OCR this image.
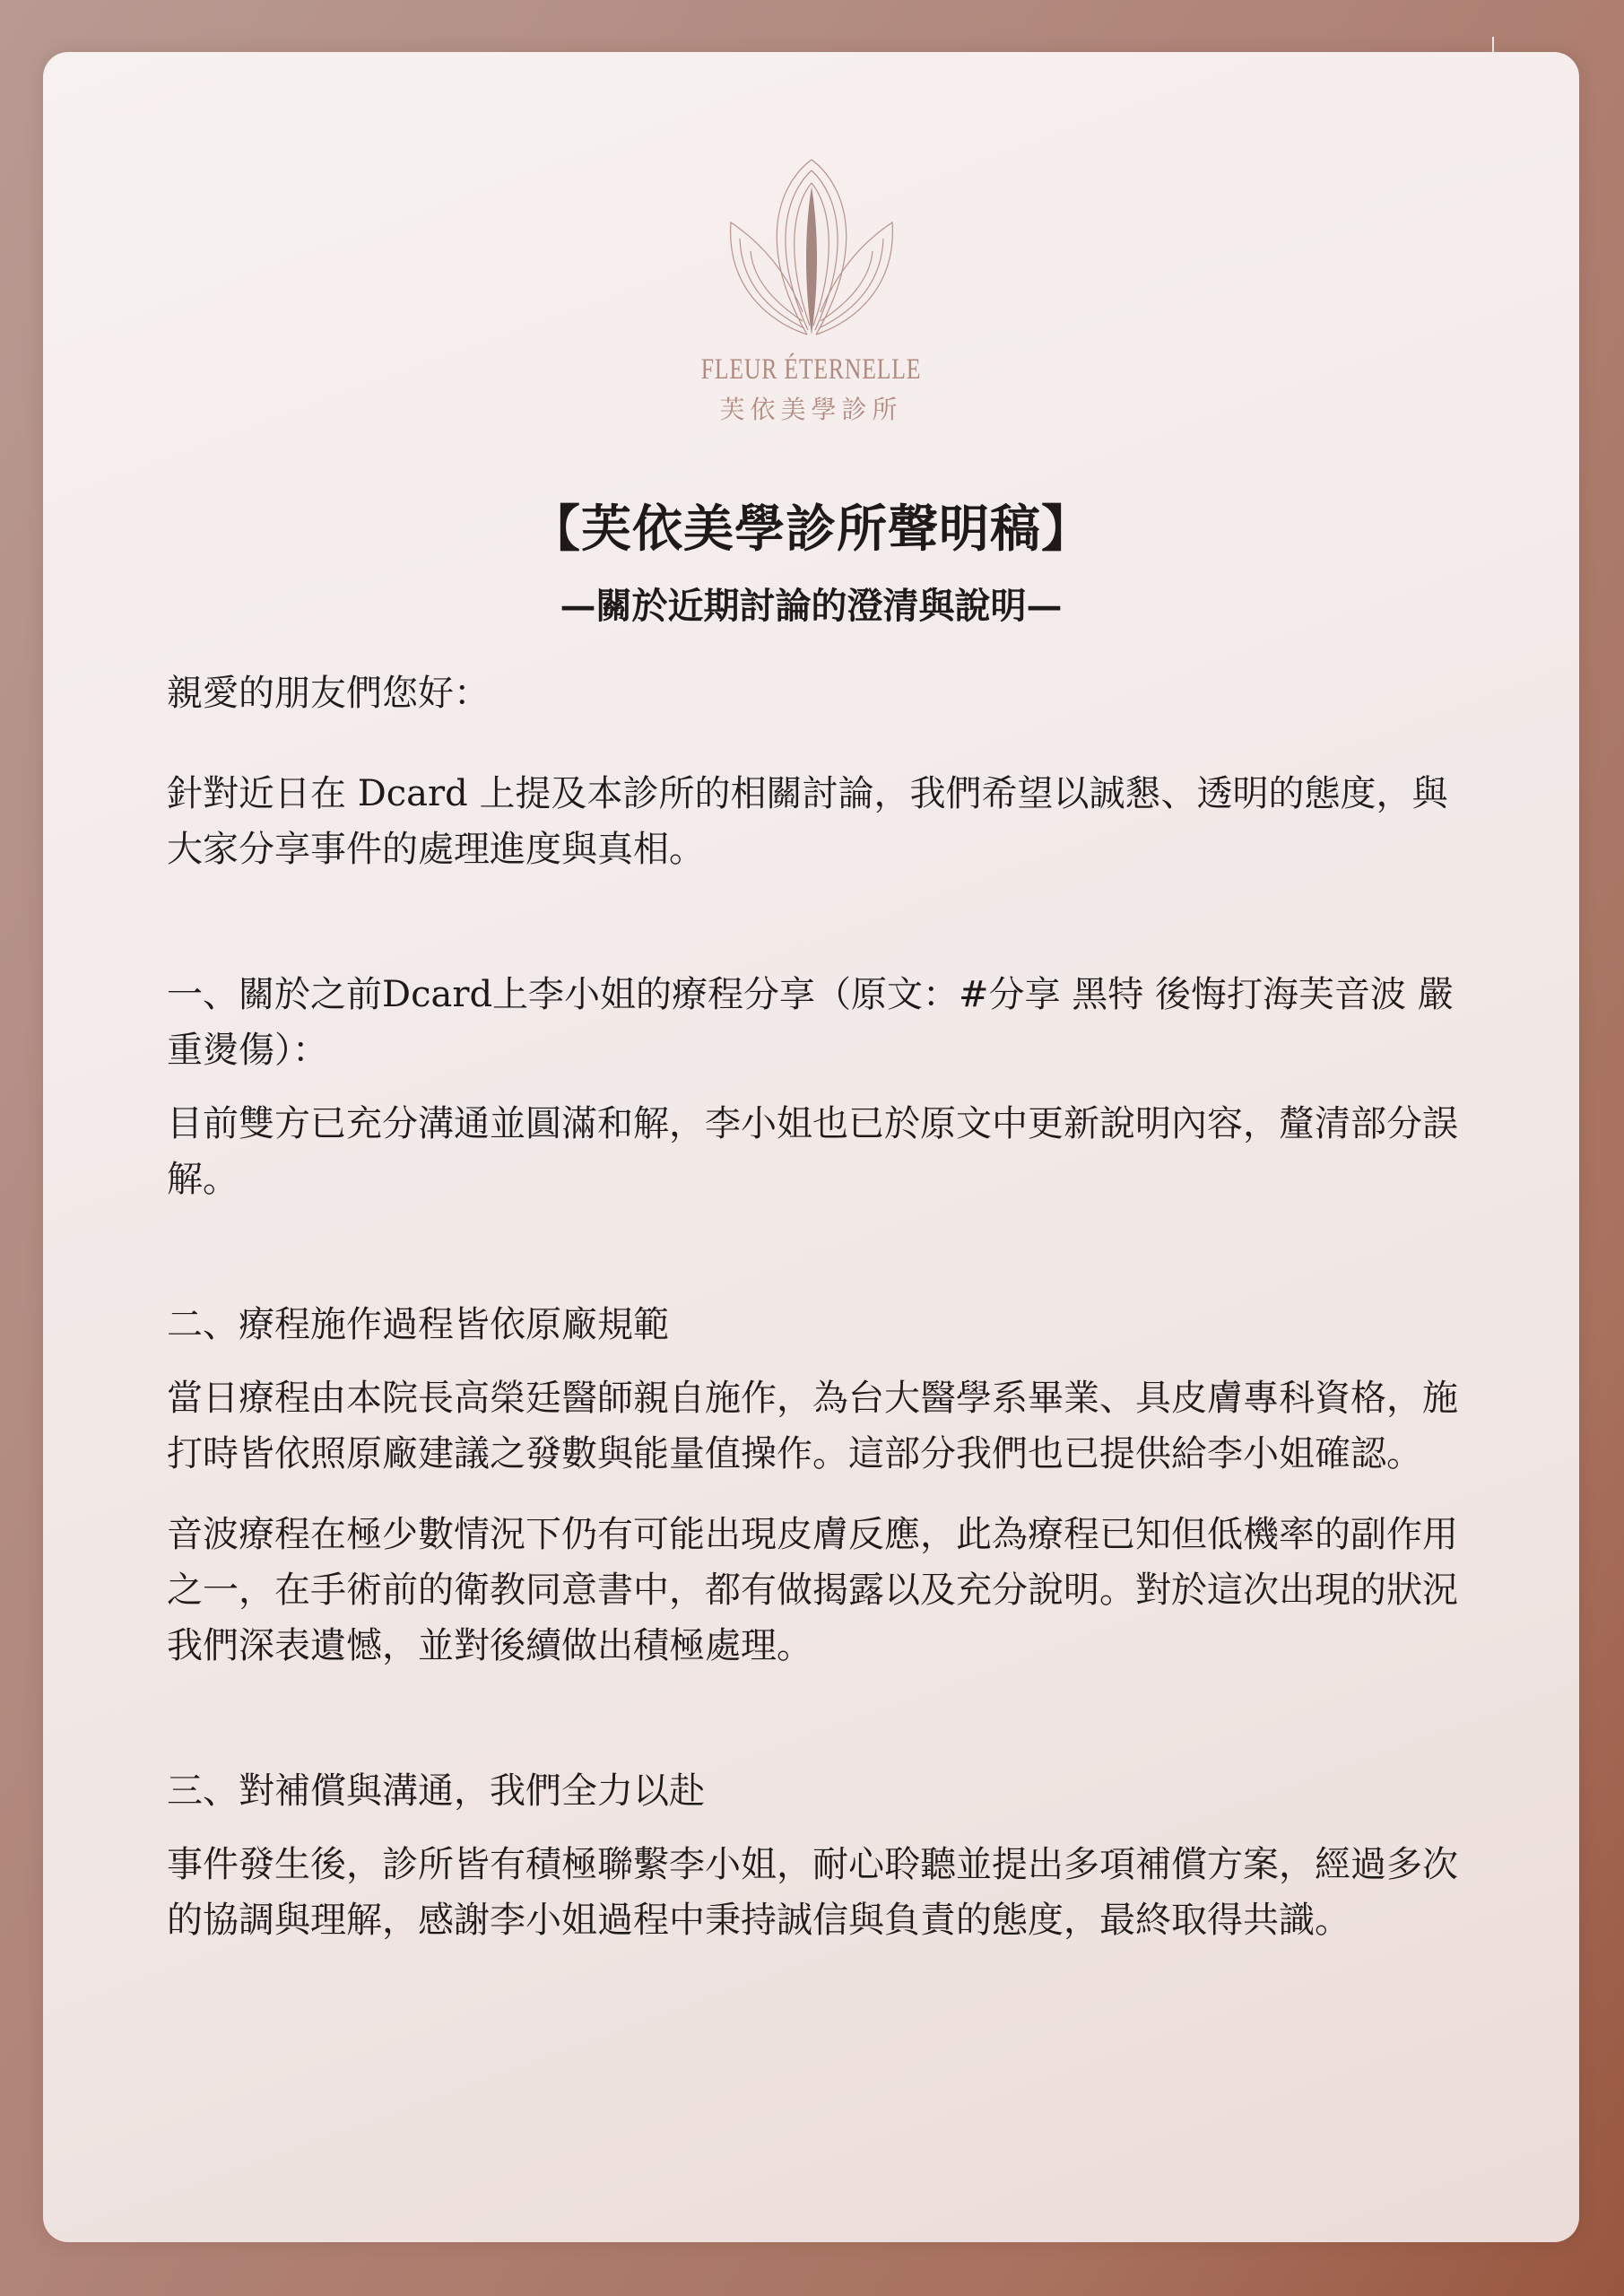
FLEUR ÉTERNELLE
芙依美學診所
【芙依美學診所聲明稿】
—關於近期討論的澄清與說明—

親愛的朋友們您好：

針對近日在 Dcard 上提及本診所的相關討論，我們希望以誠懇、透明的態度，與大家分享事件的處理進度與真相。

一、關於之前Dcard上李小姐的療程分享（原文：#分享 黑特 後悔打海芙音波 嚴重燙傷）：

目前雙方已充分溝通並圓滿和解，李小姐也已於原文中更新說明內容，釐清部分誤解。

二、療程施作過程皆依原廠規範

當日療程由本院長高榮廷醫師親自施作，為台大醫學系畢業、具皮膚專科資格，施打時皆依照原廠建議之發數與能量值操作。這部分我們也已提供給李小姐確認。

音波療程在極少數情況下仍有可能出現皮膚反應，此為療程已知但低機率的副作用之一，在手術前的衛教同意書中，都有做揭露以及充分說明。對於這次出現的狀況我們深表遺憾，並對後續做出積極處理。

三、對補償與溝通，我們全力以赴

事件發生後，診所皆有積極聯繫李小姐，耐心聆聽並提出多項補償方案，經過多次的協調與理解，感謝李小姐過程中秉持誠信與負責的態度，最終取得共識。
